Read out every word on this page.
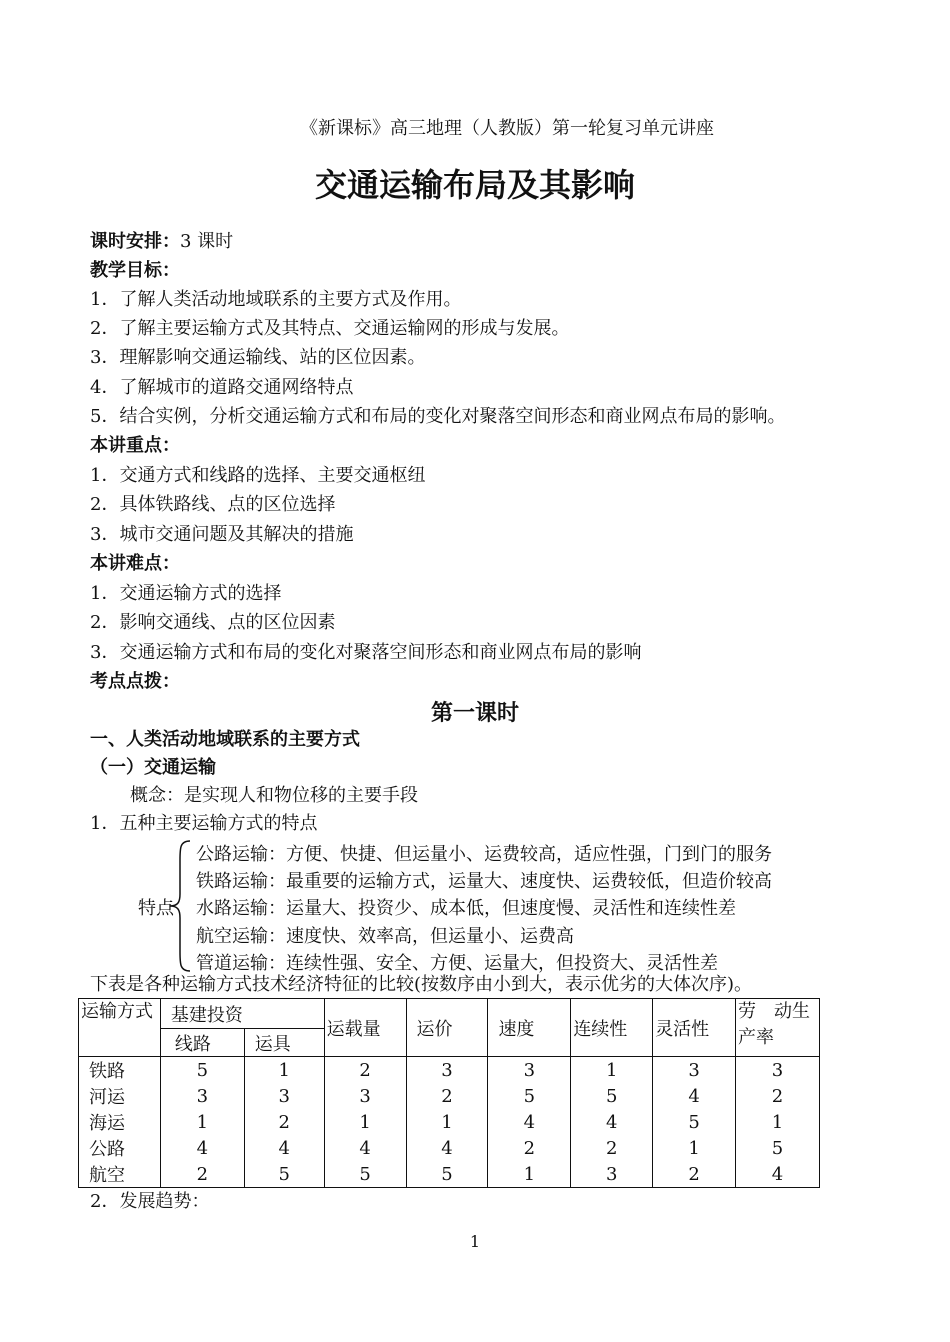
《新课标》高三地理（人教版）第一轮复习单元讲座
交通运输布局及其影响
课时安排：3 课时
教学目标：
1．了解人类活动地域联系的主要方式及作用。
2．了解主要运输方式及其特点、交通运输网的形成与发展。
3．理解影响交通运输线、站的区位因素。
4．了解城市的道路交通网络特点
5．结合实例，分析交通运输方式和布局的变化对聚落空间形态和商业网点布局的影响。
本讲重点：
1．交通方式和线路的选择、主要交通枢纽
2．具体铁路线、点的区位选择
3．城市交通问题及其解决的措施
本讲难点：
1．交通运输方式的选择
2．影响交通线、点的区位因素
3．交通运输方式和布局的变化对聚落空间形态和商业网点布局的影响
考点点拨：
第一课时
一、人类活动地域联系的主要方式
（一）交通运输
概念：是实现人和物位移的主要手段
1．五种主要运输方式的特点
特点
公路运输：方便、快捷、但运量小、运费较高，适应性强，门到门的服务
铁路运输：最重要的运输方式，运量大、速度快、运费较低，但造价较高
水路运输：运量大、投资少、成本低，但速度慢、灵活性和连续性差
航空运输：速度快、效率高，但运量小、运费高
管道运输：连续性强、安全、方便、运量大，但投资大、灵活性差
下表是各种运输方式技术经济特征的比较(按数序由小到大，表示优劣的大体次序)。
运输方式	基建投资		运载量	运价	速度	连续性	灵活性	劳　动生产率
	线路	运具						
铁路	5	1	2	3	3	1	3	3
河运	3	3	3	2	5	5	4	2
海运	1	2	1	1	4	4	5	1
公路	4	4	4	4	2	2	1	5
航空	2	5	5	5	1	3	2	4
2．发展趋势：
1
